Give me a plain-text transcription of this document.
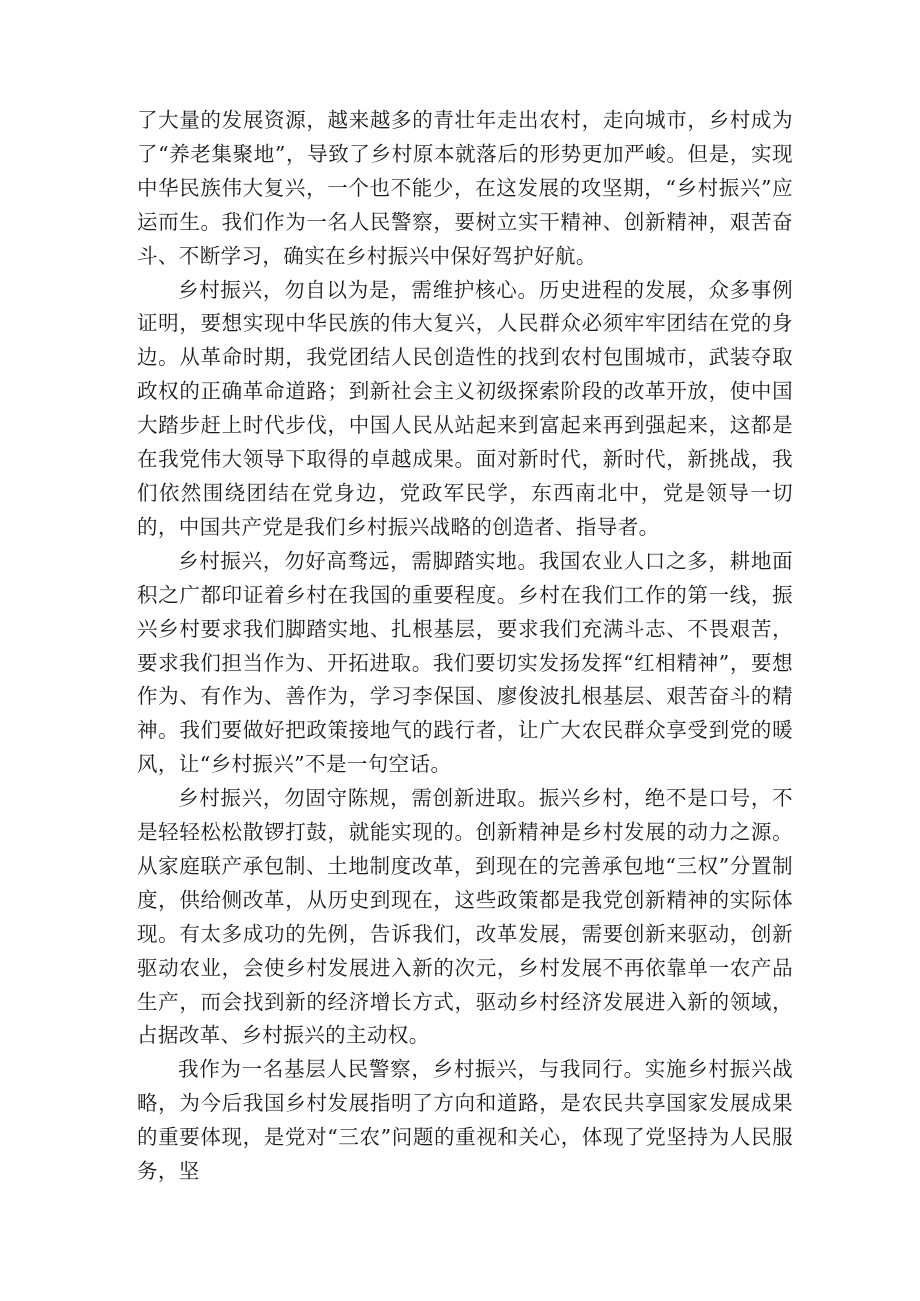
了大量的发展资源，越来越多的青壮年走出农村，走向城市，乡村成为了“养老集聚地”，导致了乡村原本就落后的形势更加严峻。但是，实现中华民族伟大复兴，一个也不能少，在这发展的攻坚期，“乡村振兴”应运而生。我们作为一名人民警察，要树立实干精神、创新精神，艰苦奋斗、不断学习，确实在乡村振兴中保好驾护好航。

乡村振兴，勿自以为是，需维护核心。历史进程的发展，众多事例证明，要想实现中华民族的伟大复兴，人民群众必须牢牢团结在党的身边。从革命时期，我党团结人民创造性的找到农村包围城市，武装夺取政权的正确革命道路；到新社会主义初级探索阶段的改革开放，使中国大踏步赶上时代步伐，中国人民从站起来到富起来再到强起来，这都是在我党伟大领导下取得的卓越成果。面对新时代，新时代，新挑战，我们依然围绕团结在党身边，党政军民学，东西南北中，党是领导一切的，中国共产党是我们乡村振兴战略的创造者、指导者。

乡村振兴，勿好高骛远，需脚踏实地。我国农业人口之多，耕地面积之广都印证着乡村在我国的重要程度。乡村在我们工作的第一线，振兴乡村要求我们脚踏实地、扎根基层，要求我们充满斗志、不畏艰苦，要求我们担当作为、开拓进取。我们要切实发扬发挥“红相精神”，要想作为、有作为、善作为，学习李保国、廖俊波扎根基层、艰苦奋斗的精神。我们要做好把政策接地气的践行者，让广大农民群众享受到党的暖风，让“乡村振兴”不是一句空话。

乡村振兴，勿固守陈规，需创新进取。振兴乡村，绝不是口号，不是轻轻松松散锣打鼓，就能实现的。创新精神是乡村发展的动力之源。从家庭联产承包制、土地制度改革，到现在的完善承包地“三权”分置制度，供给侧改革，从历史到现在，这些政策都是我党创新精神的实际体现。有太多成功的先例，告诉我们，改革发展，需要创新来驱动，创新驱动农业，会使乡村发展进入新的次元，乡村发展不再依靠单一农产品生产，而会找到新的经济增长方式，驱动乡村经济发展进入新的领域，占据改革、乡村振兴的主动权。

我作为一名基层人民警察，乡村振兴，与我同行。实施乡村振兴战略，为今后我国乡村发展指明了方向和道路，是农民共享国家发展成果的重要体现，是党对“三农”问题的重视和关心，体现了党坚持为人民服务，坚
